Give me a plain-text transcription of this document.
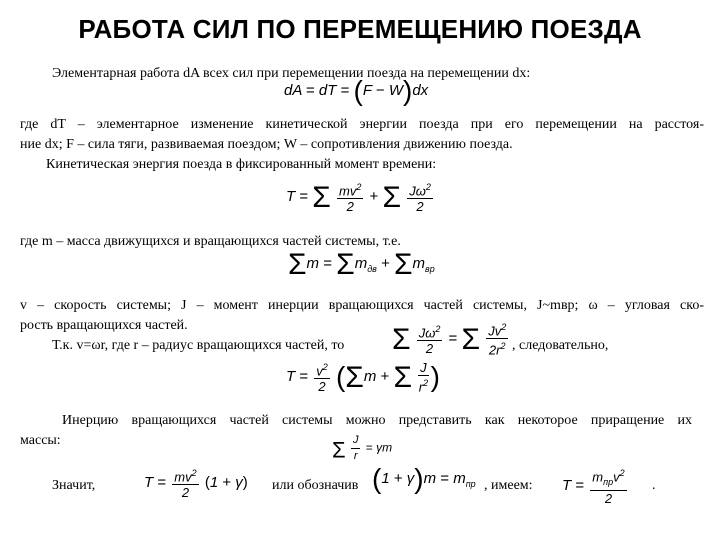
РАБОТА СИЛ ПО ПЕРЕМЕЩЕНИЮ ПОЕЗДА
Элементарная работа dA всех сил при перемещении поезда на перемещении dx:
dA = dT = (F − W)dx
где dT – элементарное изменение кинетической энергии поезда при его перемещении на расстоя-
ние dx; F – сила тяги, развиваемая поездом; W – сопротивления движению поезда.
Кинетическая энергия поезда в фиксированный момент времени:
T = Σ $\frac{mv^2}{2} + \Sigma \frac{J\omega^2}{2}$
где m – масса движущихся и вращающихся частей системы, т.е.
$\Sigma m = \Sigma m_{дв} + \Sigma m_{вр}$
v – скорость системы; J – момент инерции вращающихся частей системы, J~mвр; ω – угловая ско-
рость вращающихся частей.
Т.к. v=ωr, где r – радиус вращающихся частей, то Σ $\frac{J\omega^2}{2} = \Sigma \frac{Jv^2}{2r^2}$ , следовательно,
$T = \frac{v^2}{2} (\Sigma m + \Sigma \frac{J}{r^2}$ )
Инерцию вращающихся частей системы можно представить как некоторое приращение их
массы:	Σ $\frac{J}{r} = \gamma m$
Значит,	$T = \frac{mv^2}{2} (1 + \gamma)$ или обозначив $(1 + \gamma)m = m_{пр}$ , имеем: $T = \frac{m_{пр}v^2}{2}$ .
